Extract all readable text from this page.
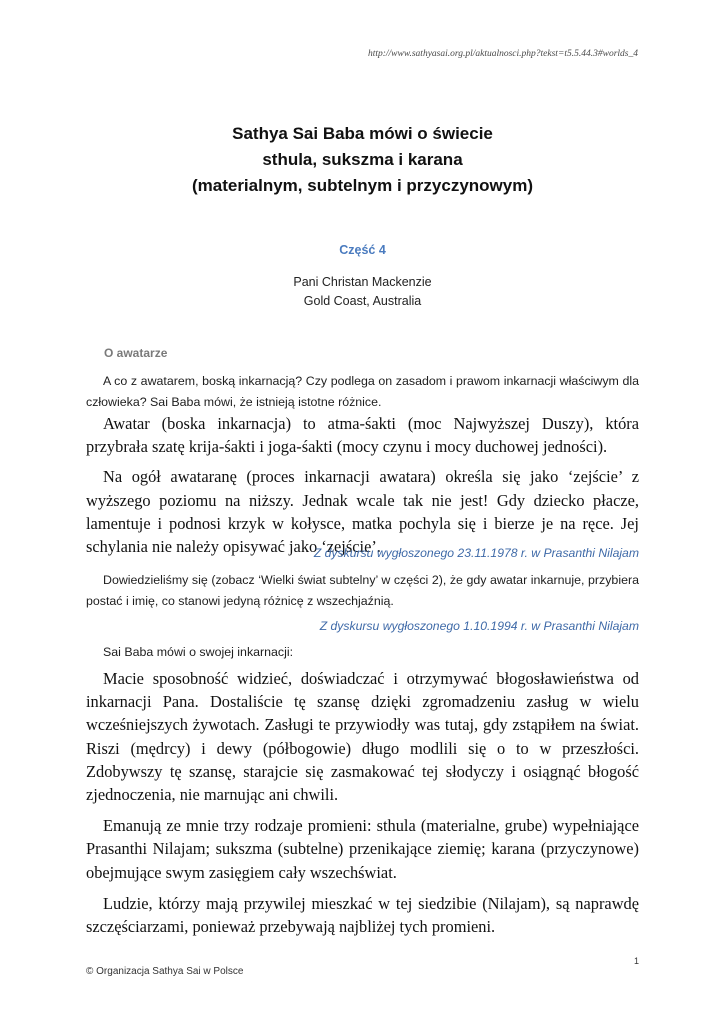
http://www.sathyasai.org.pl/aktualnosci.php?tekst=t5.5.44.3#worlds_4
Sathya Sai Baba mówi o świecie
sthula, sukszma i karana
(materialnym, subtelnym i przyczynowym)
Część 4
Pani Christan Mackenzie
Gold Coast, Australia
O awatarze

A co z awatarem, boską inkarnacją? Czy podlega on zasadom i prawom inkarnacji właściwym dla człowieka? Sai Baba mówi, że istnieją istotne różnice.

Awatar (boska inkarnacja) to atma-śakti (moc Najwyższej Duszy), która przybrała szatę krija-śakti i joga-śakti (mocy czynu i mocy duchowej jedności).

Na ogół awataranę (proces inkarnacji awatara) określa się jako ‘zejście’ z wyższego poziomu na niższy. Jednak wcale tak nie jest! Gdy dziecko płacze, lamentuje i podnosi krzyk w kołysce, matka pochyla się i bierze je na ręce. Jej schylania nie należy opisywać jako ‘zejście’.

Z dyskursu wygłoszonego 23.11.1978 r. w Prasanthi Nilajam

Dowiedzieliśmy się (zobacz ‘Wielki świat subtelny’ w części 2), że gdy awatar inkarnuje, przybiera postać i imię, co stanowi jedyną różnicę z wszechjaźnią.

Z dyskursu wygłoszonego 1.10.1994 r. w Prasanthi Nilajam

Sai Baba mówi o swojej inkarnacji:

Macie sposobność widzieć, doświadczać i otrzymywać błogosławieństwa od inkarnacji Pana. Dostaliście tę szansę dzięki zgromadzeniu zasług w wielu wcześniejszych żywotach. Zasługi te przywiodły was tutaj, gdy zstąpiłem na świat. Riszi (mędrcy) i dewy (półbogowie) długo modlili się o to w przeszłości. Zdobywszy tę szansę, starajcie się zasmakować tej słodyczy i osiągnąć błogość zjednoczenia, nie marnując ani chwili.

Emanują ze mnie trzy rodzaje promieni: sthula (materialne, grube) wypełniające Prasanthi Nilajam; sukszma (subtelne) przenikające ziemię; karana (przyczynowe) obejmujące swym zasięgiem cały wszechświat.

Ludzie, którzy mają przywilej mieszkać w tej siedzibie (Nilajam), są naprawdę szczęściarzami, ponieważ przebywają najbliżej tych promieni.

1
© Organizacja Sathya Sai w Polsce
